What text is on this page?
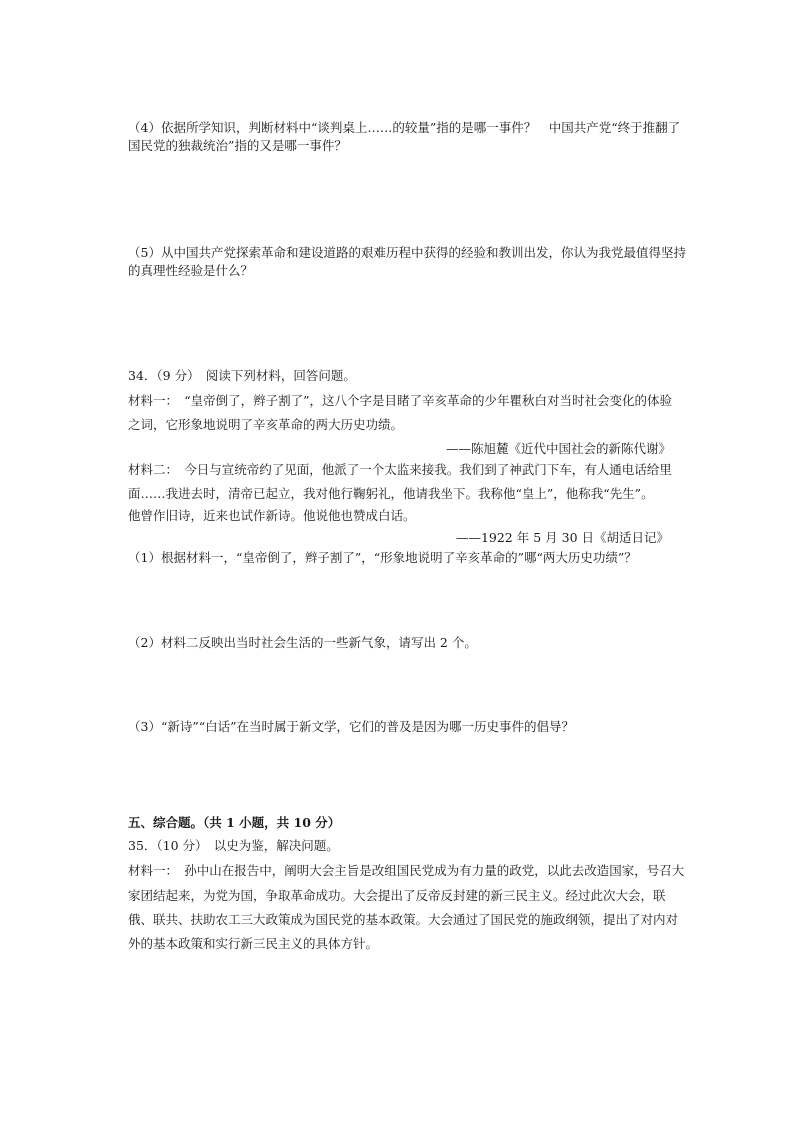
（4）依据所学知识，判断材料中“谈判桌上……的较量”指的是哪一事件？　中国共产党“终于推翻了
国民党的独裁统治”指的又是哪一事件？
（5）从中国共产党探索革命和建设道路的艰难历程中获得的经验和教训出发，你认为我党最值得坚持
的真理性经验是什么？
34．（9 分）　阅读下列材料，回答问题。
材料一：　“皇帝倒了，辫子割了”，这八个字是目睹了辛亥革命的少年瞿秋白对当时社会变化的体验
之词，它形象地说明了辛亥革命的两大历史功绩。
——陈旭麓《近代中国社会的新陈代谢》
材料二：　今日与宣统帝约了见面，他派了一个太监来接我。我们到了神武门下车，有人通电话给里
面……我进去时，清帝已起立，我对他行鞠躬礼，他请我坐下。我称他“皇上”，他称我“先生”。
他曾作旧诗，近来也试作新诗。他说他也赞成白话。
——1922 年 5 月 30 日《胡适日记》
（1）根据材料一，“皇帝倒了，辫子割了”，“形象地说明了辛亥革命的”哪“两大历史功绩”？
（2）材料二反映出当时社会生活的一些新气象，请写出 2 个。
（3）“新诗”“白话”在当时属于新文学，它们的普及是因为哪一历史事件的倡导？
五、综合题。（共 1 小题，共 10 分）
35．（10 分）　以史为鉴，解决问题。
材料一：　孙中山在报告中，阐明大会主旨是改组国民党成为有力量的政党，以此去改造国家，号召大
家团结起来，为党为国，争取革命成功。大会提出了反帝反封建的新三民主义。经过此次大会，联
俄、联共、扶助农工三大政策成为国民党的基本政策。大会通过了国民党的施政纲领，提出了对内对
外的基本政策和实行新三民主义的具体方针。
